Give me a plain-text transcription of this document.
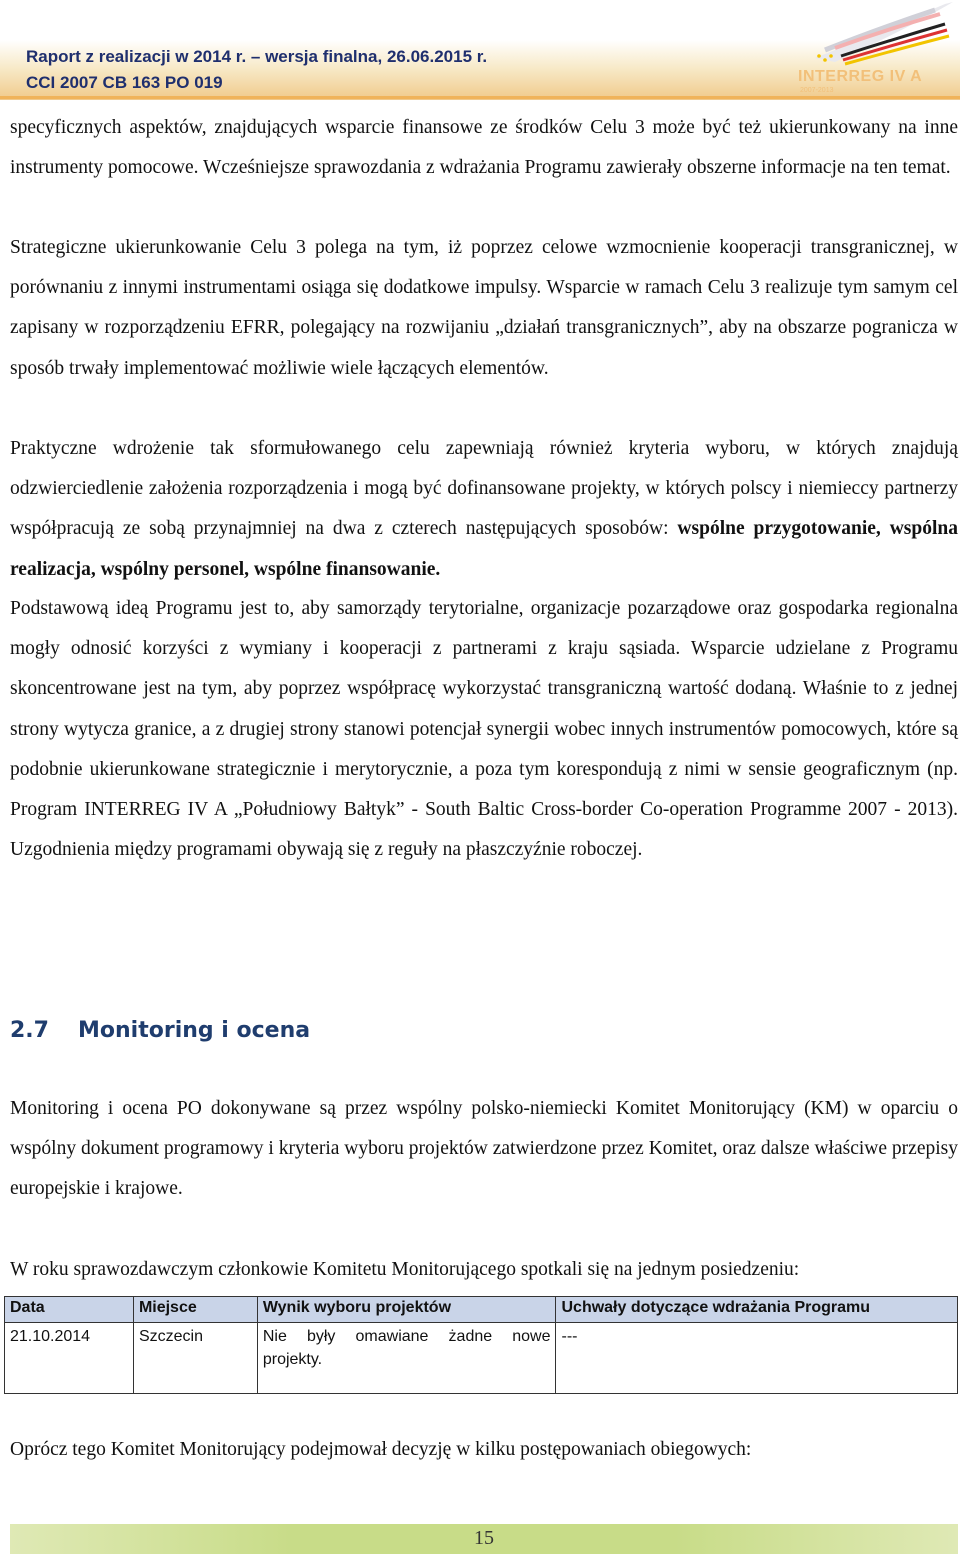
Raport z realizacji w 2014 r. – wersja finalna, 26.06.2015 r.
CCI 2007 CB 163 PO 019	INTERREG IV A
2007-2013

specyficznych aspektów, znajdujących wsparcie finansowe ze środków Celu 3 może być też ukierunkowany na inne instrumenty pomocowe. Wcześniejsze sprawozdania z wdrażania Programu zawierały obszerne informacje na ten temat.

Strategiczne ukierunkowanie Celu 3 polega na tym, iż poprzez celowe wzmocnienie kooperacji transgranicznej, w porównaniu z innymi instrumentami osiąga się dodatkowe impulsy. Wsparcie w ramach Celu 3 realizuje tym samym cel zapisany w rozporządzeniu EFRR, polegający na rozwijaniu „działań transgranicznych”, aby na obszarze pogranicza w sposób trwały implementować możliwie wiele łączących elementów.

Praktyczne wdrożenie tak sformułowanego celu zapewniają również kryteria wyboru, w których znajdują odzwierciedlenie założenia rozporządzenia i mogą być dofinansowane projekty, w których polscy i niemieccy partnerzy współpracują ze sobą przynajmniej na dwa z czterech następujących sposobów: wspólne przygotowanie, wspólna realizacja, wspólny personel, wspólne finansowanie.

Podstawową ideą Programu jest to, aby samorządy terytorialne, organizacje pozarządowe oraz gospodarka regionalna mogły odnosić korzyści z wymiany i kooperacji z partnerami z kraju sąsiada. Wsparcie udzielane z Programu skoncentrowane jest na tym, aby poprzez współpracę wykorzystać transgraniczną wartość dodaną. Właśnie to z jednej strony wytycza granice, a z drugiej strony stanowi potencjał synergii wobec innych instrumentów pomocowych, które są podobnie ukierunkowane strategicznie i merytorycznie, a poza tym korespondują z nimi w sensie geograficznym (np. Program INTERREG IV A „Południowy Bałtyk” - South Baltic Cross-border Co-operation Programme 2007 - 2013). Uzgodnienia między programami obywają się z reguły na płaszczyźnie roboczej.

2.7 Monitoring i ocena

Monitoring i ocena PO dokonywane są przez wspólny polsko-niemiecki Komitet Monitorujący (KM) w oparciu o wspólny dokument programowy i kryteria wyboru projektów zatwierdzone przez Komitet, oraz dalsze właściwe przepisy europejskie i krajowe.

W roku sprawozdawczym członkowie Komitetu Monitorującego spotkali się na jednym posiedzeniu:

Data	Miejsce	Wynik wyboru projektów	Uchwały dotyczące wdrażania Programu
21.10.2014	Szczecin	Nie były omawiane żadne nowe projekty.	---

Oprócz tego Komitet Monitorujący podejmował decyzję w kilku postępowaniach obiegowych:

15
